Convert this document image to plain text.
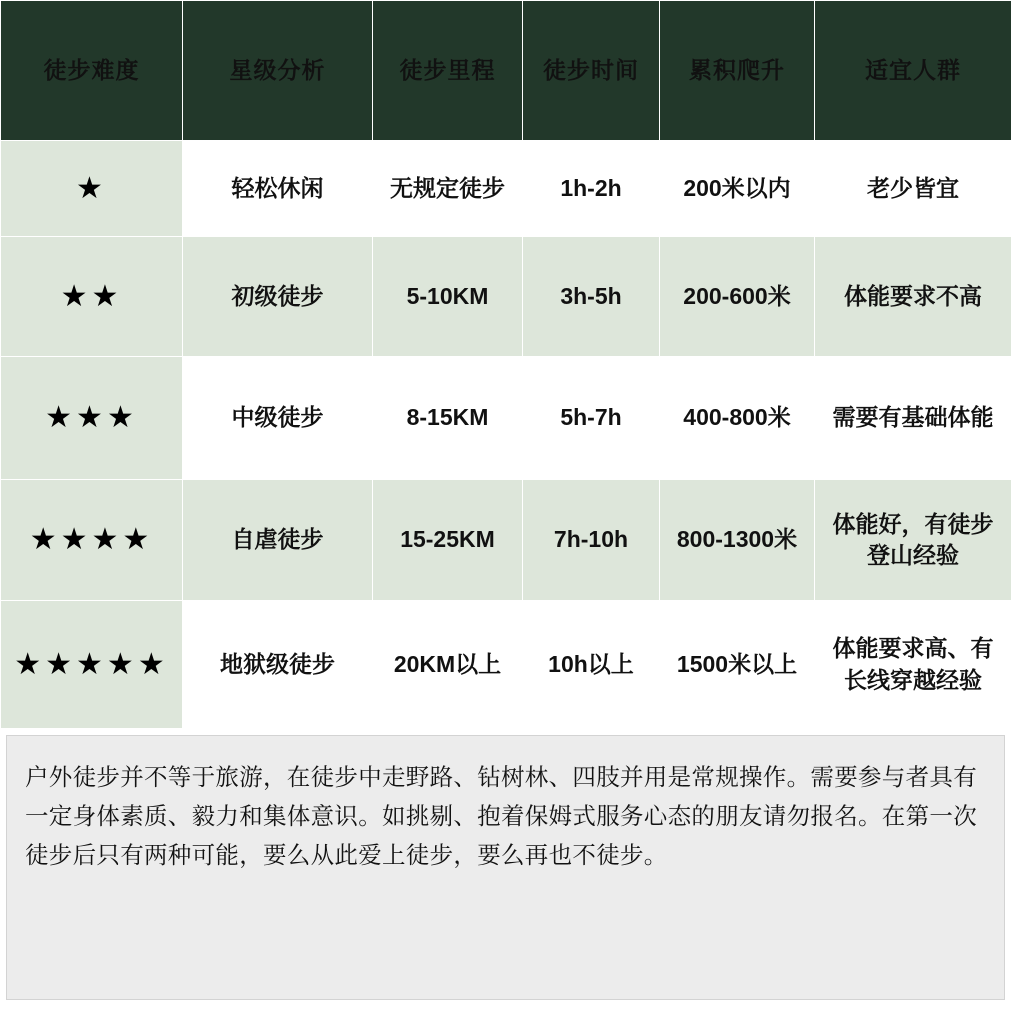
徒步难度	星级分析	徒步里程	徒步时间	累积爬升	适宜人群
★	轻松休闲	无规定徒步	1h-2h	200米以内	老少皆宜
★★	初级徒步	5-10KM	3h-5h	200-600米	体能要求不高
★★★	中级徒步	8-15KM	5h-7h	400-800米	需要有基础体能
★★★★	自虐徒步	15-25KM	7h-10h	800-1300米	体能好，有徒步登山经验
★★★★★	地狱级徒步	20KM以上	10h以上	1500米以上	体能要求高、有长线穿越经验

户外徒步并不等于旅游，在徒步中走野路、钻树林、四肢并用是常规操作。需要参与者具有一定身体素质、毅力和集体意识。如挑剔、抱着保姆式服务心态的朋友请勿报名。在第一次徒步后只有两种可能，要么从此爱上徒步，要么再也不徒步。
